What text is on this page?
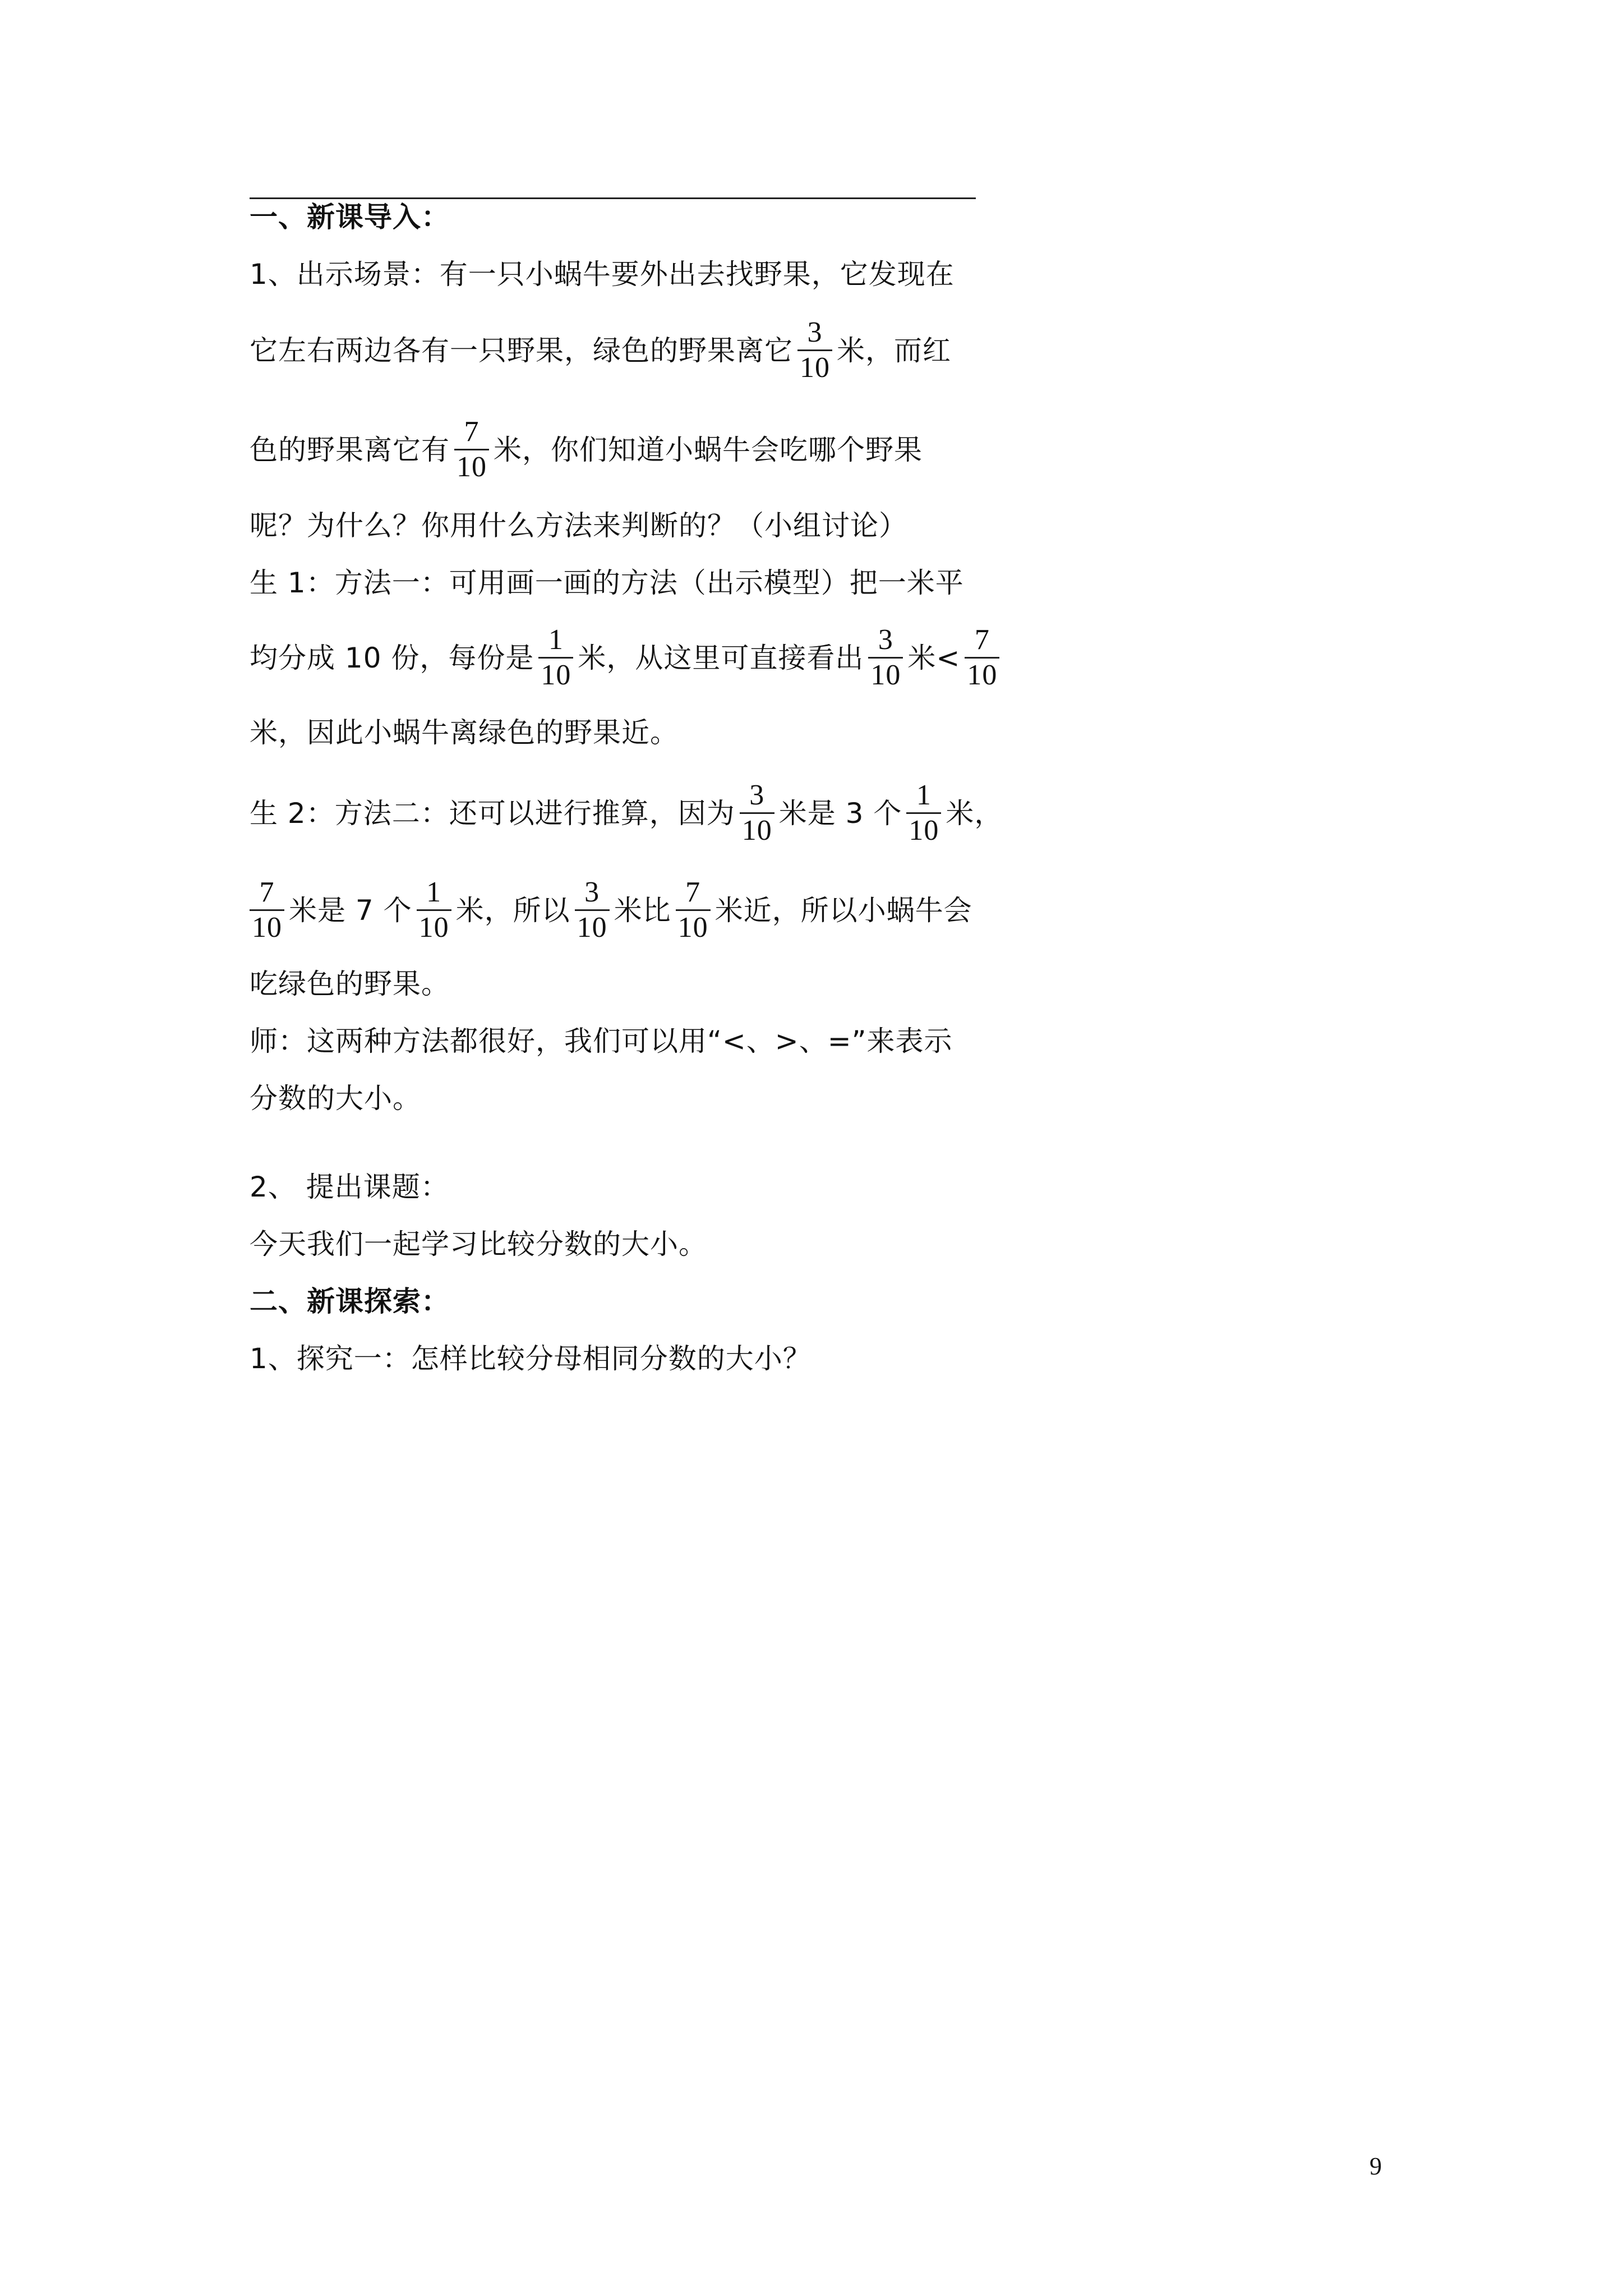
一、新课导入：
1、出示场景：有一只小蜗牛要外出去找野果，它发现在
它左右两边各有一只野果，绿色的野果离它 $\frac{3}{10}$ 米，而红
色的野果离它有 $\frac{7}{10}$ 米，你们知道小蜗牛会吃哪个野果
呢？为什么？你用什么方法来判断的？（小组讨论）
生 1：方法一：可用画一画的方法（出示模型）把一米平
均分成 10 份，每份是 $\frac{1}{10}$ 米，从这里可直接看出 $\frac{3}{10}$ 米< $\frac{7}{10}$
米，因此小蜗牛离绿色的野果近。
生 2：方法二：还可以进行推算，因为 $\frac{3}{10}$ 米是 3 个 $\frac{1}{10}$ 米，
$\frac{7}{10}$ 米是 7 个 $\frac{1}{10}$ 米，所以 $\frac{3}{10}$ 米比 $\frac{7}{10}$ 米近，所以小蜗牛会
吃绿色的野果。
师：这两种方法都很好，我们可以用“<、>、=”来表示
分数的大小。
2、 提出课题：
今天我们一起学习比较分数的大小。
二、新课探索：
1、探究一：怎样比较分母相同分数的大小？
9
